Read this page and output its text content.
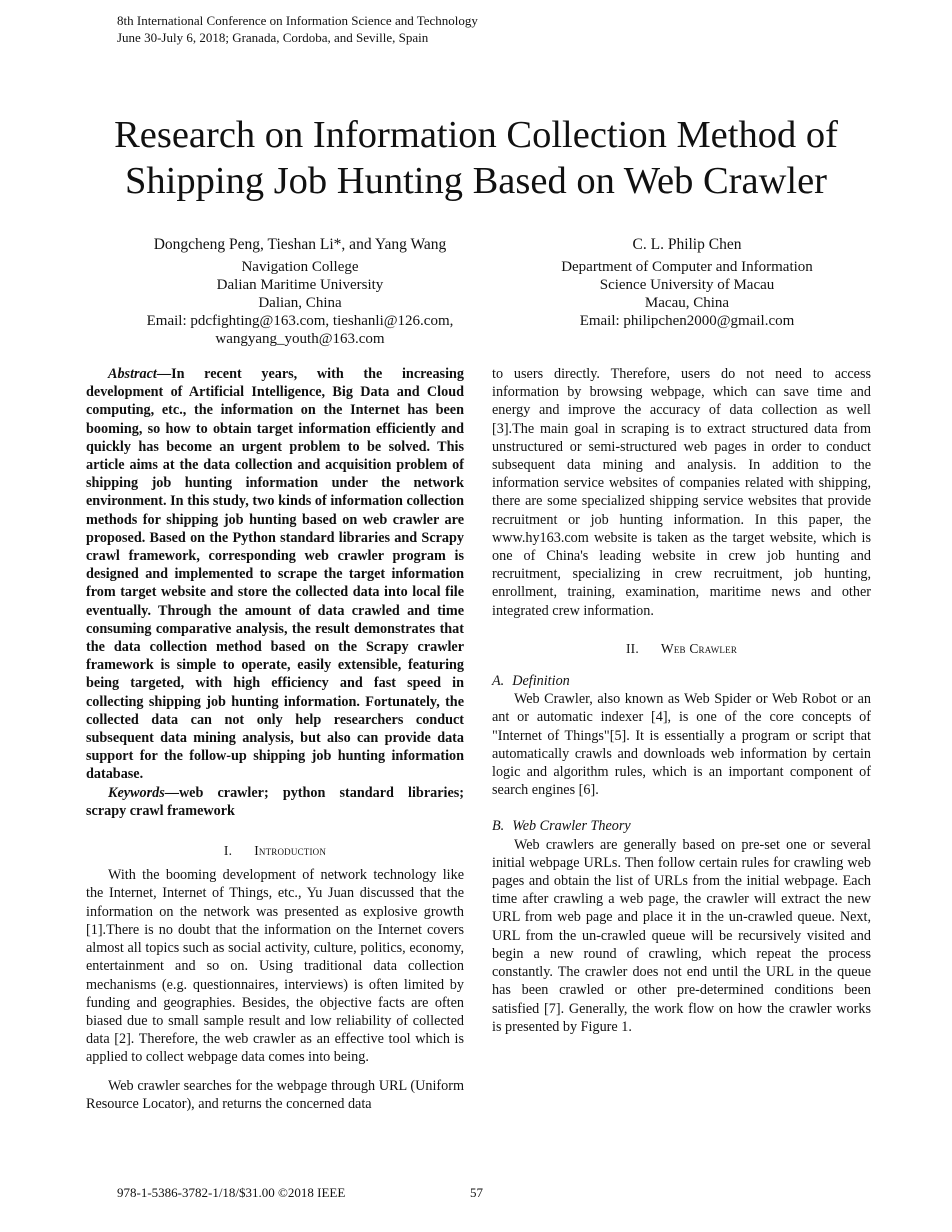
8th International Conference on Information Science and Technology
June 30-July 6, 2018; Granada, Cordoba, and Seville, Spain
Research on Information Collection Method of
Shipping Job Hunting Based on Web Crawler
Dongcheng Peng, Tieshan Li*, and Yang Wang
Navigation College
Dalian Maritime University
Dalian, China
Email: pdcfighting@163.com, tieshanli@126.com,
wangyang_youth@163.com
C. L. Philip Chen
Department of Computer and Information
Science University of Macau
Macau, China
Email: philipchen2000@gmail.com

Abstract—In recent years, with the increasing development of Artificial Intelligence, Big Data and Cloud computing, etc., the information on the Internet has been booming, so how to obtain target information efficiently and quickly has become an urgent problem to be solved. This article aims at the data collection and acquisition problem of shipping job hunting information under the network environment. In this study, two kinds of information collection methods for shipping job hunting based on web crawler are proposed. Based on the Python standard libraries and Scrapy crawl framework, corresponding web crawler program is designed and implemented to scrape the target information from target website and store the collected data into local file eventually. Through the amount of data crawled and time consuming comparative analysis, the result demonstrates that the data collection method based on the Scrapy crawler framework is simple to operate, easily extensible, featuring being targeted, with high efficiency and fast speed in collecting shipping job hunting information. Fortunately, the collected data can not only help researchers conduct subsequent data mining analysis, but also can provide data support for the follow-up shipping job hunting information database.

Keywords—web crawler; python standard libraries; scrapy crawl framework

I. Introduction

With the booming development of network technology like the Internet, Internet of Things, etc., Yu Juan discussed that the information on the network was presented as explosive growth [1].There is no doubt that the information on the Internet covers almost all topics such as social activity, culture, politics, economy, entertainment and so on. Using traditional data collection mechanisms (e.g. questionnaires, interviews) is often limited by funding and geographies. Besides, the objective facts are often biased due to small sample result and low reliability of collected data [2]. Therefore, the web crawler as an effective tool which is applied to collect webpage data comes into being.

Web crawler searches for the webpage through URL (Uniform Resource Locator), and returns the concerned data

to users directly. Therefore, users do not need to access information by browsing webpage, which can save time and energy and improve the accuracy of data collection as well [3].The main goal in scraping is to extract structured data from unstructured or semi-structured web pages in order to conduct subsequent data mining and analysis. In addition to the information service websites of companies related with shipping, there are some specialized shipping service websites that provide recruitment or job hunting information. In this paper, the www.hy163.com website is taken as the target website, which is one of China's leading website in crew job hunting and recruitment, specializing in crew recruitment, job hunting, enrollment, training, examination, maritime news and other integrated crew information.

II. Web Crawler

A. Definition

Web Crawler, also known as Web Spider or Web Robot or an ant or automatic indexer [4], is one of the core concepts of "Internet of Things"[5]. It is essentially a program or script that automatically crawls and downloads web information by certain logic and algorithm rules, which is an important component of search engines [6].

B. Web Crawler Theory

Web crawlers are generally based on pre-set one or several initial webpage URLs. Then follow certain rules for crawling web pages and obtain the list of URLs from the initial webpage. Each time after crawling a web page, the crawler will extract the new URL from web page and place it in the un-crawled queue. Next, URL from the un-crawled queue will be recursively visited and begin a new round of crawling, which repeat the process constantly. The crawler does not end until the URL in the queue has been crawled or other pre-determined conditions been satisfied [7]. Generally, the work flow on how the crawler works is presented by Figure 1.

978-1-5386-3782-1/18/$31.00 ©2018 IEEE	57
